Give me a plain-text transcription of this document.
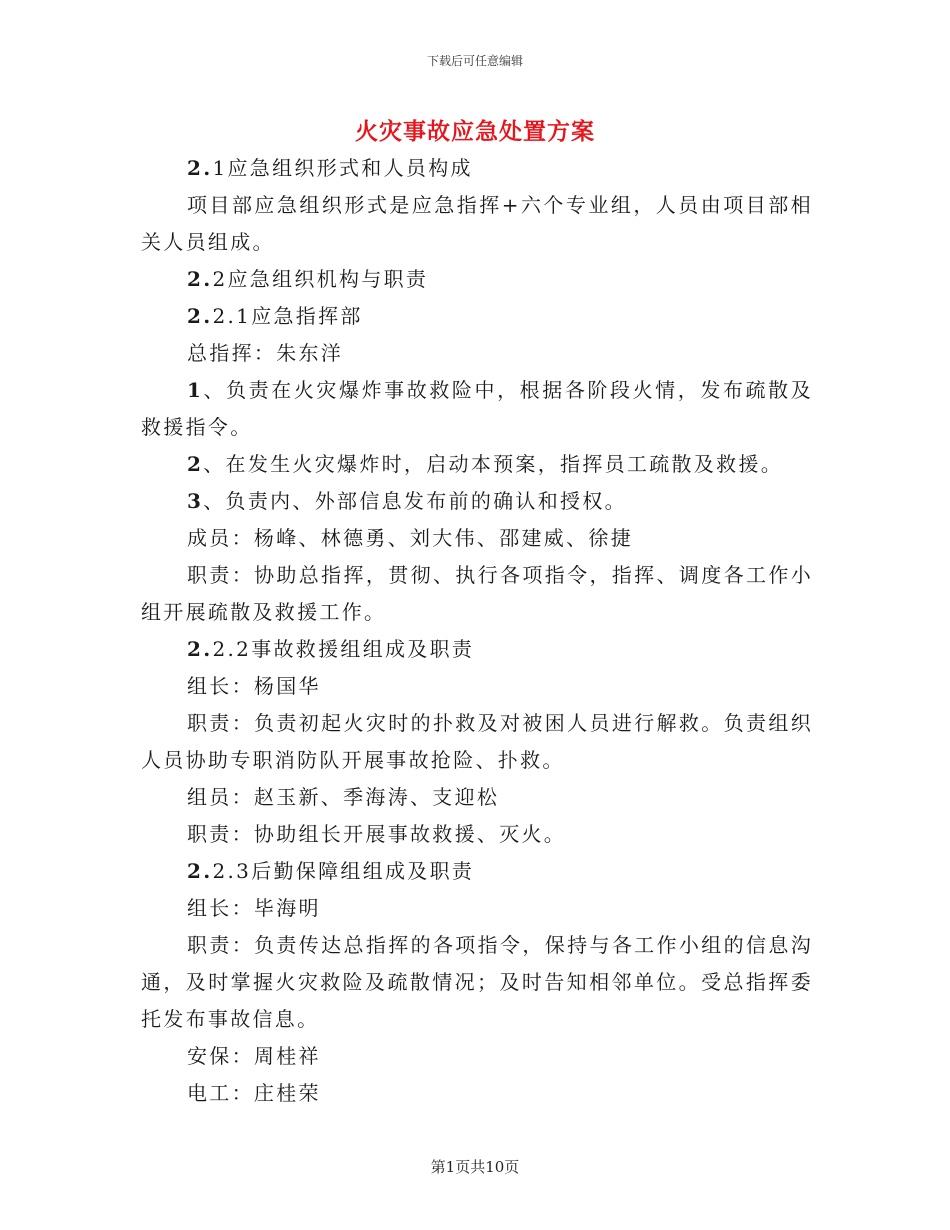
下载后可任意编辑
火灾事故应急处置方案

2.1应急组织形式和人员构成

项目部应急组织形式是应急指挥+六个专业组，人员由项目部相关人员组成。

2.2应急组织机构与职责

2.2.1应急指挥部

总指挥：朱东洋

1、负责在火灾爆炸事故救险中，根据各阶段火情，发布疏散及救援指令。

2、在发生火灾爆炸时，启动本预案，指挥员工疏散及救援。

3、负责内、外部信息发布前的确认和授权。

成员：杨峰、林德勇、刘大伟、邵建威、徐捷

职责：协助总指挥，贯彻、执行各项指令，指挥、调度各工作小组开展疏散及救援工作。

2.2.2事故救援组组成及职责

组长：杨国华

职责：负责初起火灾时的扑救及对被困人员进行解救。负责组织人员协助专职消防队开展事故抢险、扑救。

组员：赵玉新、季海涛、支迎松

职责：协助组长开展事故救援、灭火。

2.2.3后勤保障组组成及职责

组长：毕海明

职责：负责传达总指挥的各项指令，保持与各工作小组的信息沟通，及时掌握火灾救险及疏散情况；及时告知相邻单位。受总指挥委托发布事故信息。

安保：周桂祥

电工：庄桂荣

第1页共10页
